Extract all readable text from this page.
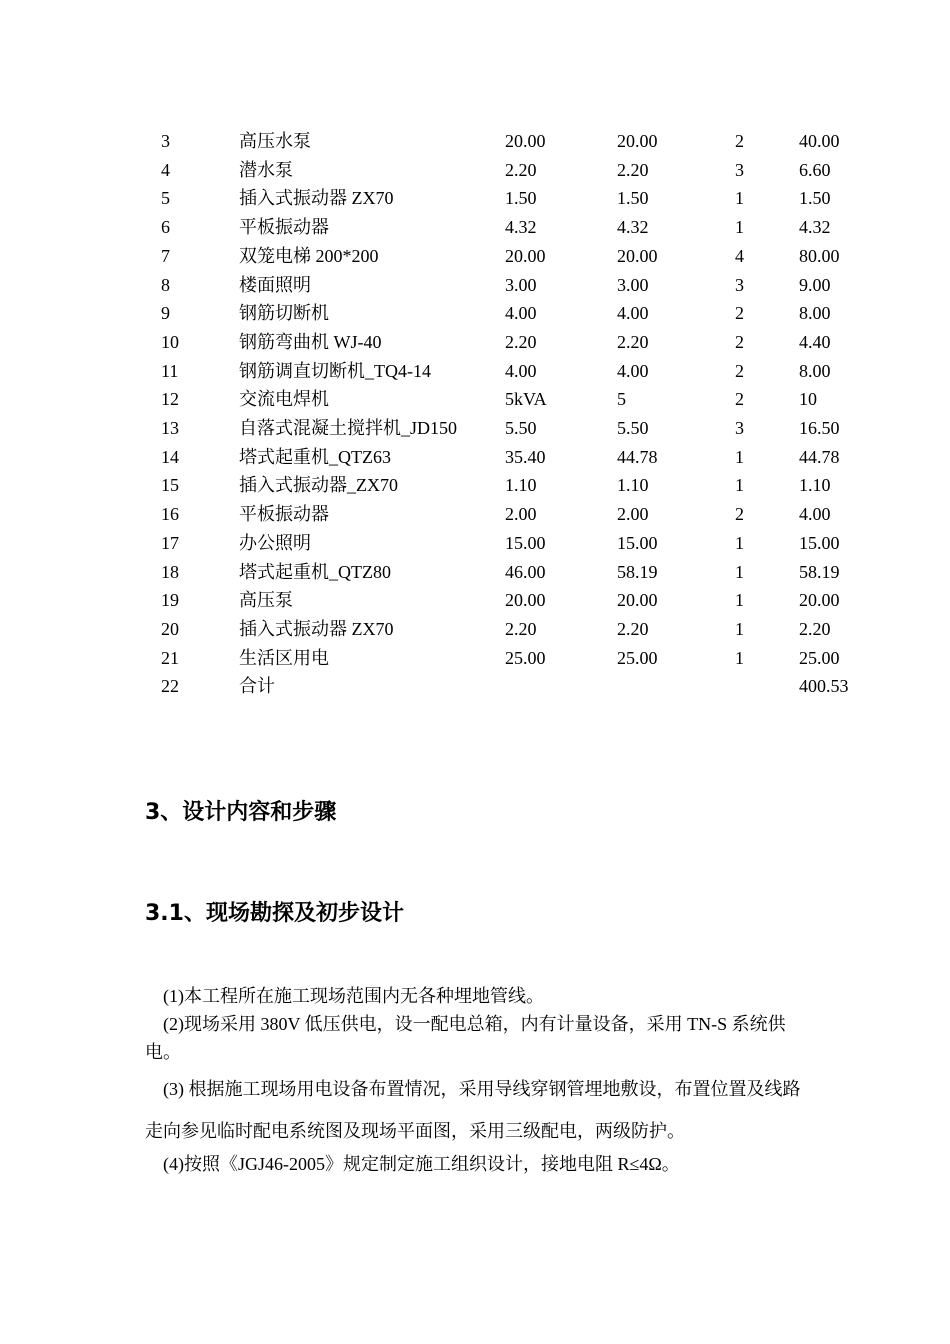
3	高压水泵	20.00	20.00	2	40.00
4	潜水泵	2.20	2.20	3	6.60
5	插入式振动器 ZX70	1.50	1.50	1	1.50
6	平板振动器	4.32	4.32	1	4.32
7	双笼电梯 200*200	20.00	20.00	4	80.00
8	楼面照明	3.00	3.00	3	9.00
9	钢筋切断机	4.00	4.00	2	8.00
10	钢筋弯曲机 WJ-40	2.20	2.20	2	4.40
11	钢筋调直切断机_TQ4-14	4.00	4.00	2	8.00
12	交流电焊机	5kVA	5	2	10
13	自落式混凝土搅拌机_JD150	5.50	5.50	3	16.50
14	塔式起重机_QTZ63	35.40	44.78	1	44.78
15	插入式振动器_ZX70	1.10	1.10	1	1.10
16	平板振动器	2.00	2.00	2	4.00
17	办公照明	15.00	15.00	1	15.00
18	塔式起重机_QTZ80	46.00	58.19	1	58.19
19	高压泵	20.00	20.00	1	20.00
20	插入式振动器 ZX70	2.20	2.20	1	2.20
21	生活区用电	25.00	25.00	1	25.00
22	合计				400.53
3、设计内容和步骤
3.1、现场勘探及初步设计

(1)本工程所在施工现场范围内无各种埋地管线。

(2)现场采用 380V 低压供电，设一配电总箱，内有计量设备，采用 TN-S 系统供电。

(3) 根据施工现场用电设备布置情况，采用导线穿钢管埋地敷设，布置位置及线路走向参见临时配电系统图及现场平面图，采用三级配电，两级防护。

(4)按照《JGJ46-2005》规定制定施工组织设计，接地电阻 R≤4Ω。
